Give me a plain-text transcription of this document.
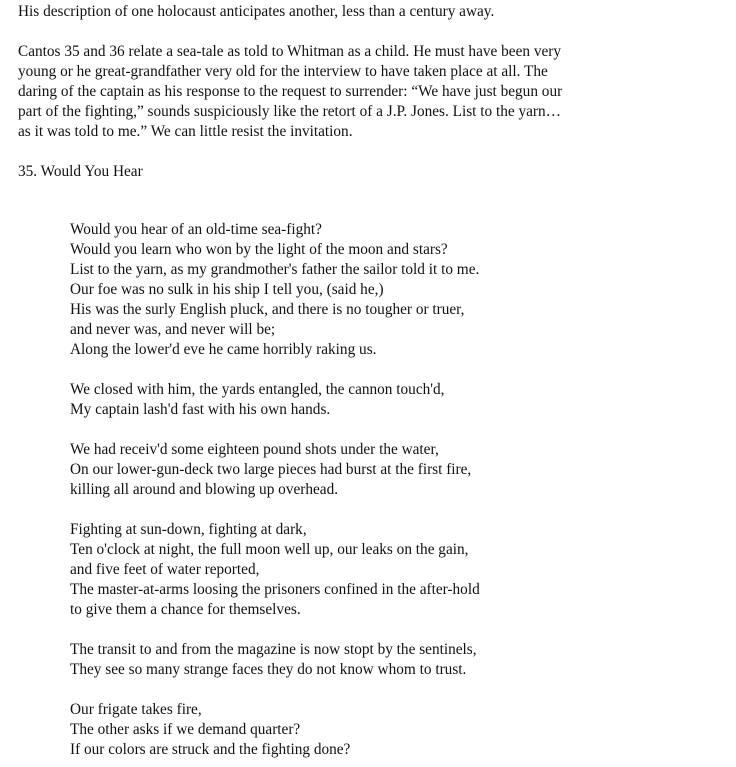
His description of one holocaust anticipates another, less than a century away.
Cantos 35 and 36 relate a sea-tale as told to Whitman as a child. He must have been very
young or he great-grandfather very old for the interview to have taken place at all. The
daring of the captain as his response to the request to surrender: “We have just begun our
part of the fighting,” sounds suspiciously like the retort of a J.P. Jones. List to the yarn…
as it was told to me.” We can little resist the invitation.
35. Would You Hear
Would you hear of an old-time sea-fight?
Would you learn who won by the light of the moon and stars?
List to the yarn, as my grandmother's father the sailor told it to me.
Our foe was no sulk in his ship I tell you, (said he,)
His was the surly English pluck, and there is no tougher or truer,
and never was, and never will be;
Along the lower'd eve he came horribly raking us.
We closed with him, the yards entangled, the cannon touch'd,
My captain lash'd fast with his own hands.
We had receiv'd some eighteen pound shots under the water,
On our lower-gun-deck two large pieces had burst at the first fire,
killing all around and blowing up overhead.
Fighting at sun-down, fighting at dark,
Ten o'clock at night, the full moon well up, our leaks on the gain,
and five feet of water reported,
The master-at-arms loosing the prisoners confined in the after-hold
to give them a chance for themselves.
The transit to and from the magazine is now stopt by the sentinels,
They see so many strange faces they do not know whom to trust.
Our frigate takes fire,
The other asks if we demand quarter?
If our colors are struck and the fighting done?
